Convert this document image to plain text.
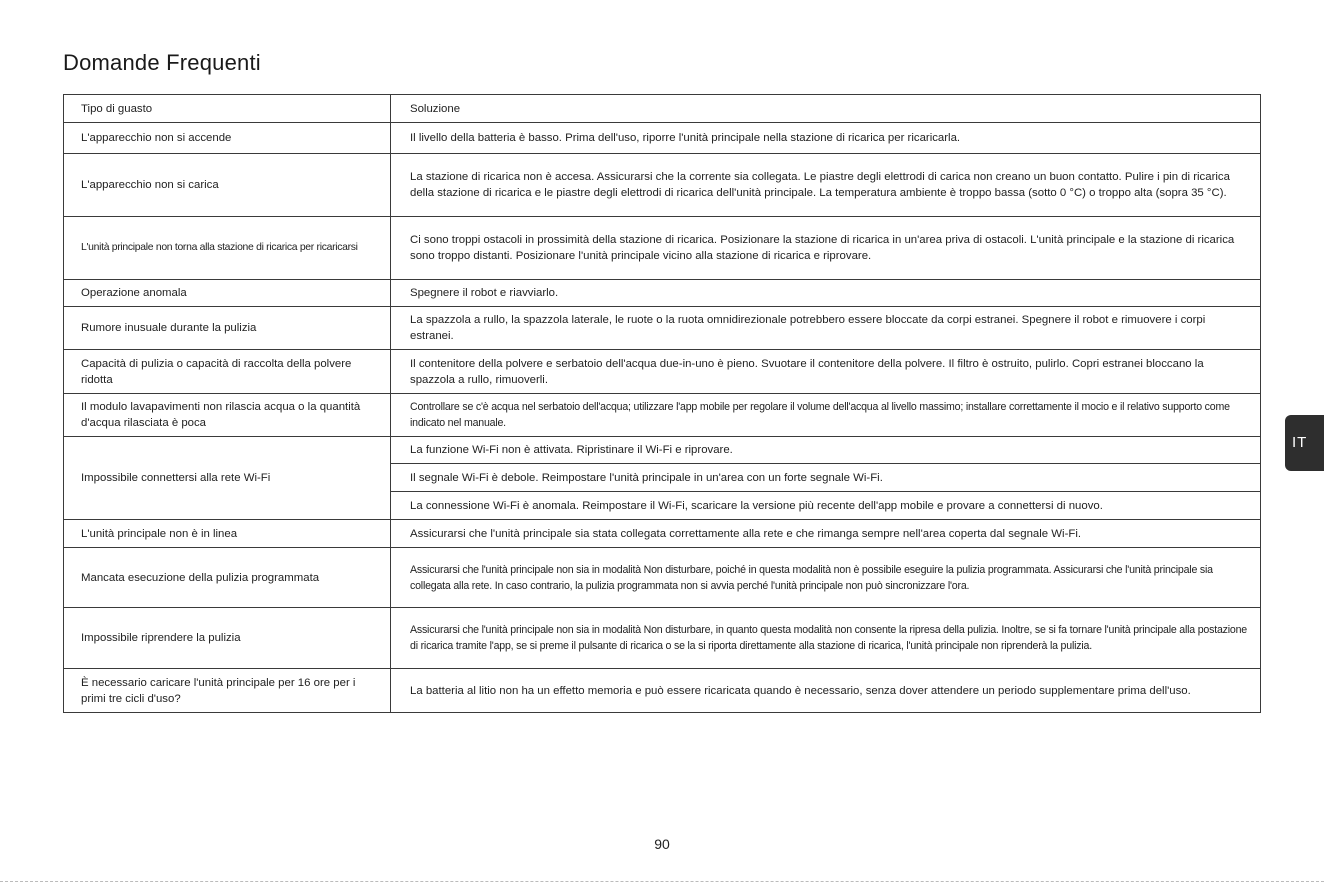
Domande Frequenti
Tipo di guasto	Soluzione
L'apparecchio non si accende	Il livello della batteria è basso. Prima dell'uso, riporre l'unità principale nella stazione di ricarica per ricaricarla.
L'apparecchio non si carica	La stazione di ricarica non è accesa. Assicurarsi che la corrente sia collegata. Le piastre degli elettrodi di carica non creano un buon contatto. Pulire i pin di ricarica della stazione di ricarica e le piastre degli elettrodi di ricarica dell'unità principale. La temperatura ambiente è troppo bassa (sotto 0 °C) o troppo alta (sopra 35 °C).
L'unità principale non torna alla stazione di ricarica per ricaricarsi	Ci sono troppi ostacoli in prossimità della stazione di ricarica. Posizionare la stazione di ricarica in un'area priva di ostacoli. L'unità principale e la stazione di ricarica sono troppo distanti. Posizionare l'unità principale vicino alla stazione di ricarica e riprovare.
Operazione anomala	Spegnere il robot e riavviarlo.
Rumore inusuale durante la pulizia	La spazzola a rullo, la spazzola laterale, le ruote o la ruota omnidirezionale potrebbero essere bloccate da corpi estranei. Spegnere il robot e rimuovere i corpi estranei.
Capacità di pulizia o capacità di raccolta della polvere ridotta	Il contenitore della polvere e serbatoio dell'acqua due-in-uno è pieno. Svuotare il contenitore della polvere. Il filtro è ostruito, pulirlo. Copri estranei bloccano la spazzola a rullo, rimuoverli.
Il modulo lavapavimenti non rilascia acqua o la quantità d'acqua rilasciata è poca	Controllare se c'è acqua nel serbatoio dell'acqua; utilizzare l'app mobile per regolare il volume dell'acqua al livello massimo; installare correttamente il mocio e il relativo supporto come indicato nel manuale.
Impossibile connettersi alla rete Wi-Fi	La funzione Wi-Fi non è attivata. Ripristinare il Wi-Fi e riprovare.
	Il segnale Wi-Fi è debole. Reimpostare l'unità principale in un'area con un forte segnale Wi-Fi.
	La connessione Wi-Fi è anomala. Reimpostare il Wi-Fi, scaricare la versione più recente dell'app mobile e provare a connettersi di nuovo.
L'unità principale non è in linea	Assicurarsi che l'unità principale sia stata collegata correttamente alla rete e che rimanga sempre nell'area coperta dal segnale Wi-Fi.
Mancata esecuzione della pulizia programmata	Assicurarsi che l'unità principale non sia in modalità Non disturbare, poiché in questa modalità non è possibile eseguire la pulizia programmata. Assicurarsi che l'unità principale sia collegata alla rete. In caso contrario, la pulizia programmata non si avvia perché l'unità principale non può sincronizzare l'ora.
Impossibile riprendere la pulizia	Assicurarsi che l'unità principale non sia in modalità Non disturbare, in quanto questa modalità non consente la ripresa della pulizia. Inoltre, se si fa tornare l'unità principale alla postazione di ricarica tramite l'app, se si preme il pulsante di ricarica o se la si riporta direttamente alla stazione di ricarica, l'unità principale non riprenderà la pulizia.
È necessario caricare l'unità principale per 16 ore per i primi tre cicli d'uso?	La batteria al litio non ha un effetto memoria e può essere ricaricata quando è necessario, senza dover attendere un periodo supplementare prima dell'uso.
90
IT
